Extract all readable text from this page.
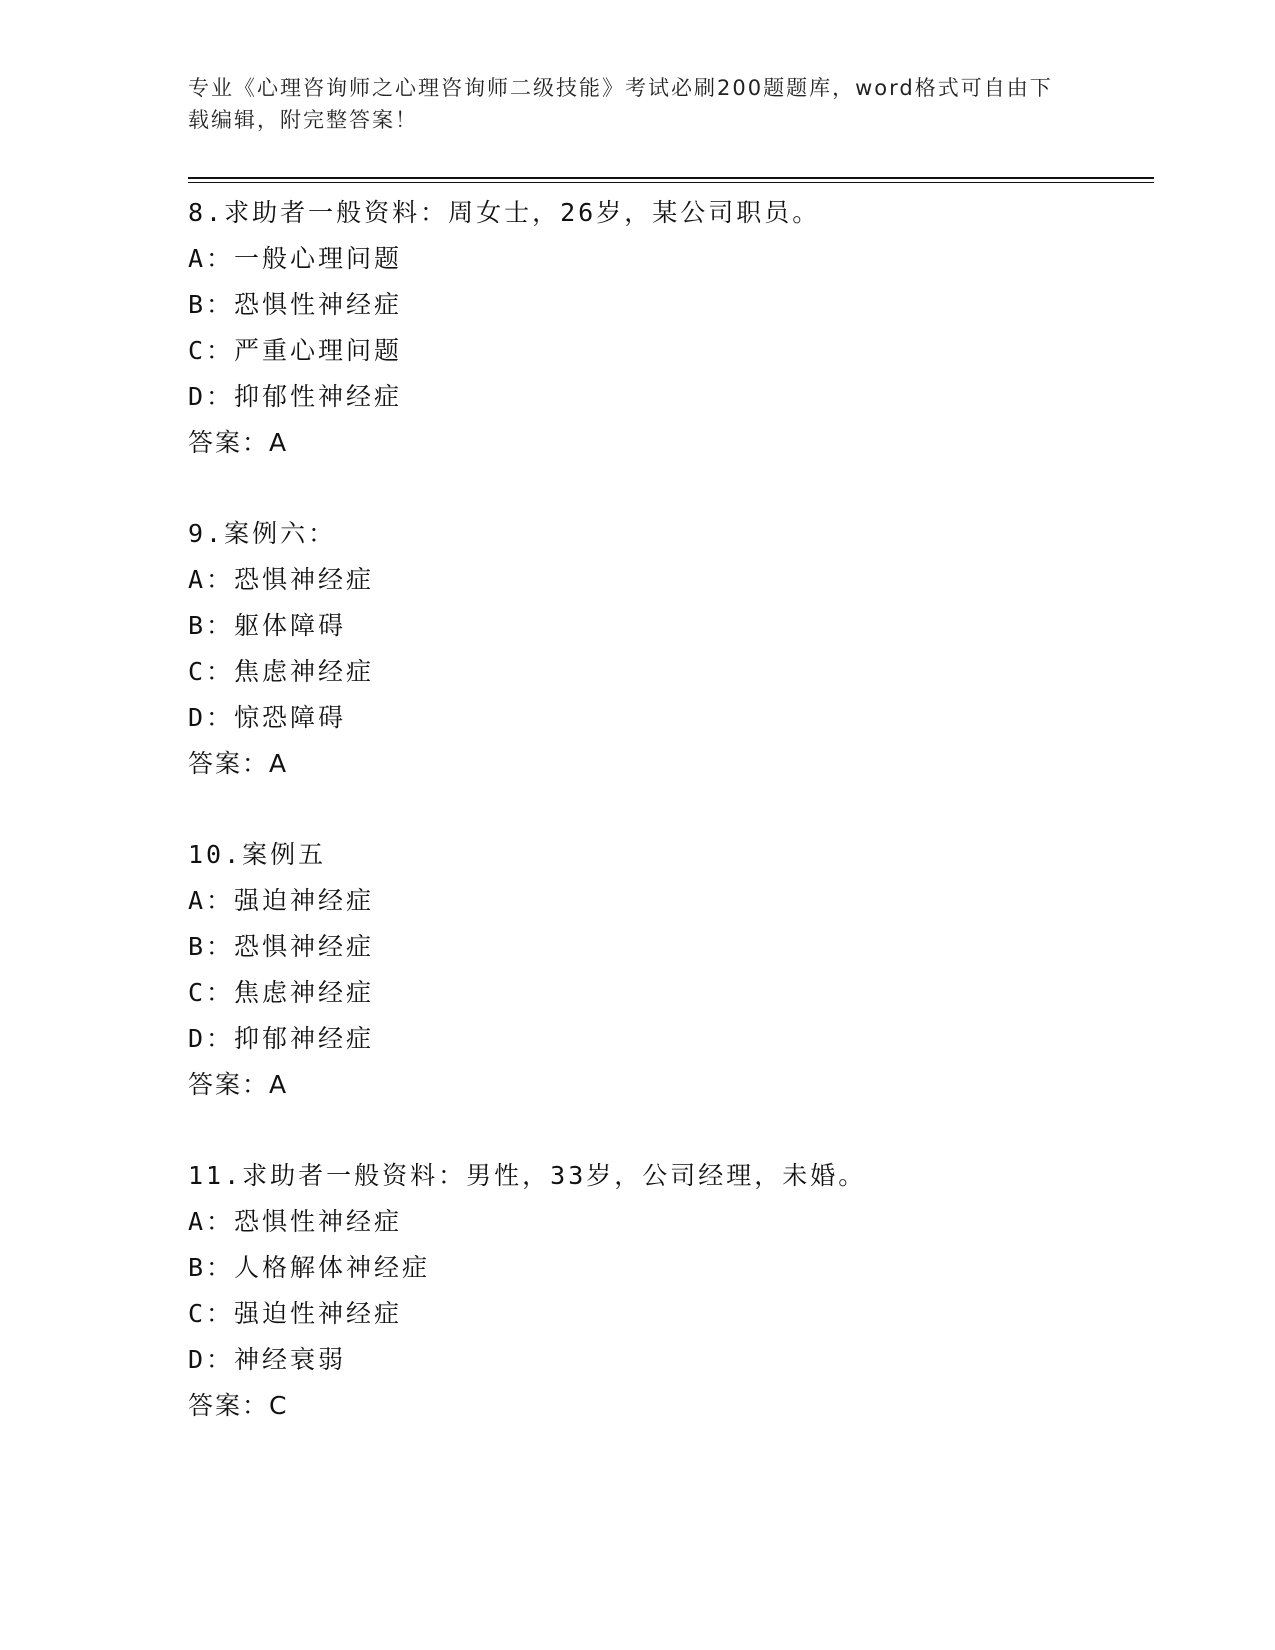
专业《心理咨询师之心理咨询师二级技能》考试必刷200题题库，word格式可自由下载编辑，附完整答案！
8.求助者一般资料：周女士，26岁，某公司职员。
A：一般心理问题
B：恐惧性神经症
C：严重心理问题
D：抑郁性神经症
答案：A
9.案例六：
A：恐惧神经症
B：躯体障碍
C：焦虑神经症
D：惊恐障碍
答案：A
10.案例五
A：强迫神经症
B：恐惧神经症
C：焦虑神经症
D：抑郁神经症
答案：A
11.求助者一般资料：男性，33岁，公司经理，未婚。
A：恐惧性神经症
B：人格解体神经症
C：强迫性神经症
D：神经衰弱
答案：C
